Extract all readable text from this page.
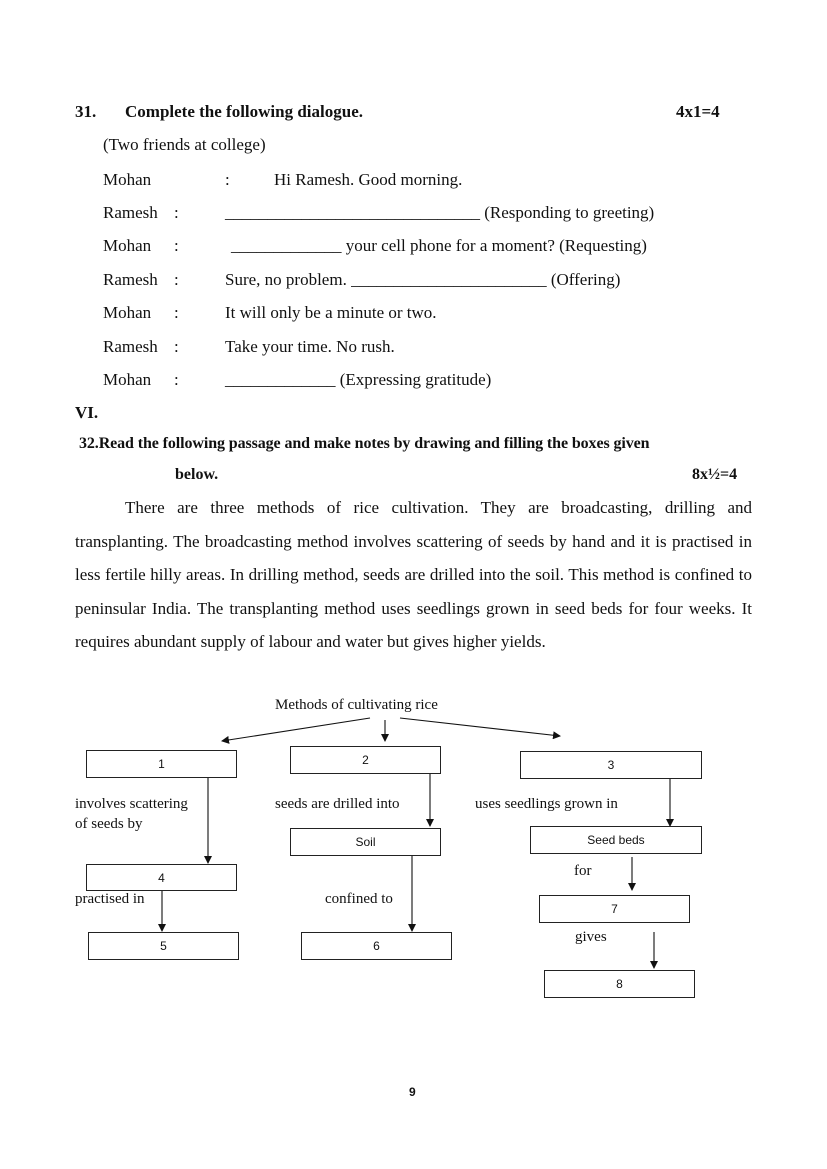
31. Complete the following dialogue.	4x1=4
(Two friends at college)
Mohan	:	Hi Ramesh. Good morning.
Ramesh :	______________________________ (Responding to greeting)
Mohan :	_____________ your cell phone for a moment? (Requesting)
Ramesh :	Sure, no problem. _______________________ (Offering)
Mohan :	It will only be a minute or two.
Ramesh :	Take your time. No rush.
Mohan :	_____________ (Expressing gratitude)
VI.
32.Read the following passage and make notes by drawing and filling the boxes given
below.	8x½=4

There are three methods of rice cultivation. They are broadcasting, drilling and transplanting. The broadcasting method involves scattering of seeds by hand and it is practised in less fertile hilly areas. In drilling method, seeds are drilled into the soil. This method is confined to peninsular India. The transplanting method uses seedlings grown in seed beds for four weeks. It requires abundant supply of labour and water but gives higher yields.

Methods of cultivating rice
1	2	3
involves scattering
of seeds by
seeds are drilled into	uses seedlings grown in
Soil	Seed beds
4	for
practised in	confined to
7
5	6
gives
8
9
